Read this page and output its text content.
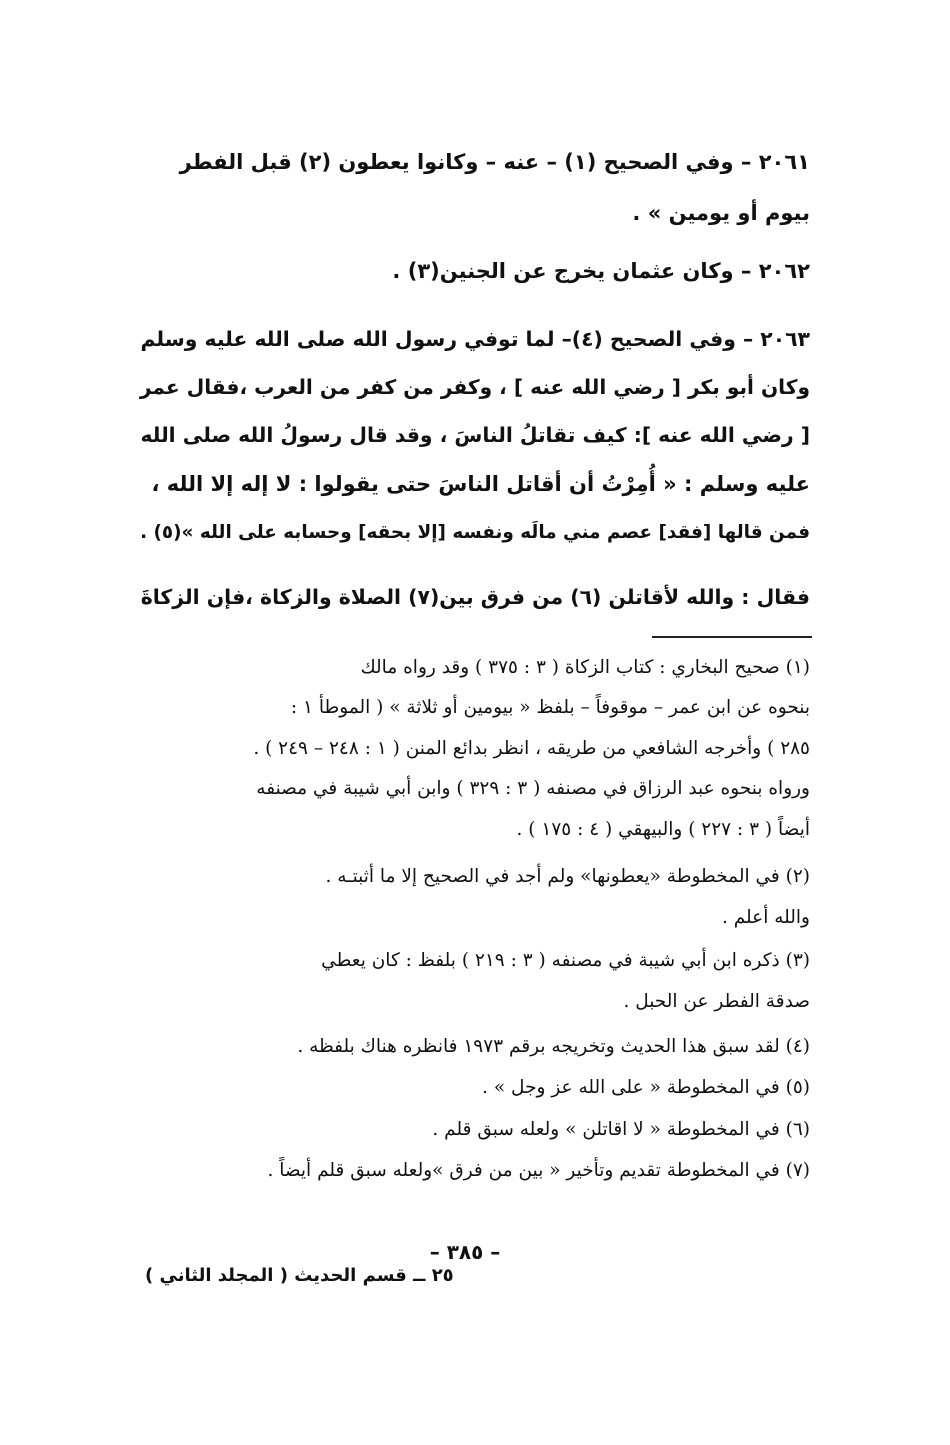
٢٠٦١ – وفي الصحيح (١) – عنه – وكانوا يعطون (٢) قبل الفطر
بيوم أو يومين » .
٢٠٦٢ – وكان عثمان يخرج عن الجنين(٣) .
٢٠٦٣ – وفي الصحيح (٤)– لما توفي رسول الله صلى الله عليه وسلم
وكان أبو بكر [ رضي الله عنه ] ، وكفر من كفر من العرب ،فقال عمر
[ رضي الله عنه ]: كيف تقاتلُ الناسَ ، وقد قال رسولُ الله صلى الله
عليه وسلم : « أُمِرْتُ أن أقاتل الناسَ حتى يقولوا : لا إله إلا الله ،
فمن قالها [فقد] عصم مني مالَه ونفسه [إلا بحقه] وحسابه على الله »(٥) .
فقال : والله لأقاتلن (٦) من فرق بين(٧) الصلاة والزكاة ،فإن الزكاةَ
(١) صحيح البخاري : كتاب الزكاة ( ٣ : ٣٧٥ ) وقد رواه مالك
بنحوه عن ابن عمر – موقوفاً – بلفظ « بيومين أو ثلاثة » ( الموطأ ١ :
٢٨٥ ) وأخرجه الشافعي من طريقه ، انظر بدائع المنن ( ١ : ٢٤٨ – ٢٤٩ ) .
ورواه بنحوه عبد الرزاق في مصنفه ( ٣ : ٣٢٩ ) وابن أبي شيبة في مصنفه
أيضاً ( ٣ : ٢٢٧ ) والبيهقي ( ٤ : ١٧٥ ) .
(٢) في المخطوطة «يعطونها» ولم أجد في الصحيح إلا ما أثبتـه .
والله أعلم .
(٣) ذكره ابن أبي شيبة في مصنفه ( ٣ : ٢١٩ ) بلفظ : كان يعطي
صدقة الفطر عن الحبل .
(٤) لقد سبق هذا الحديث وتخريجه برقم ١٩٧٣ فانظره هناك بلفظه .
(٥) في المخطوطة « على الله عز وجل » .
(٦) في المخطوطة « لا اقاتلن » ولعله سبق قلم .
(٧) في المخطوطة تقديم وتأخير « بين من فرق »ولعله سبق قلم أيضاً .
– ٣٨٥ –
٢٥ ــ قسم الحديث ( المجلد الثاني )
